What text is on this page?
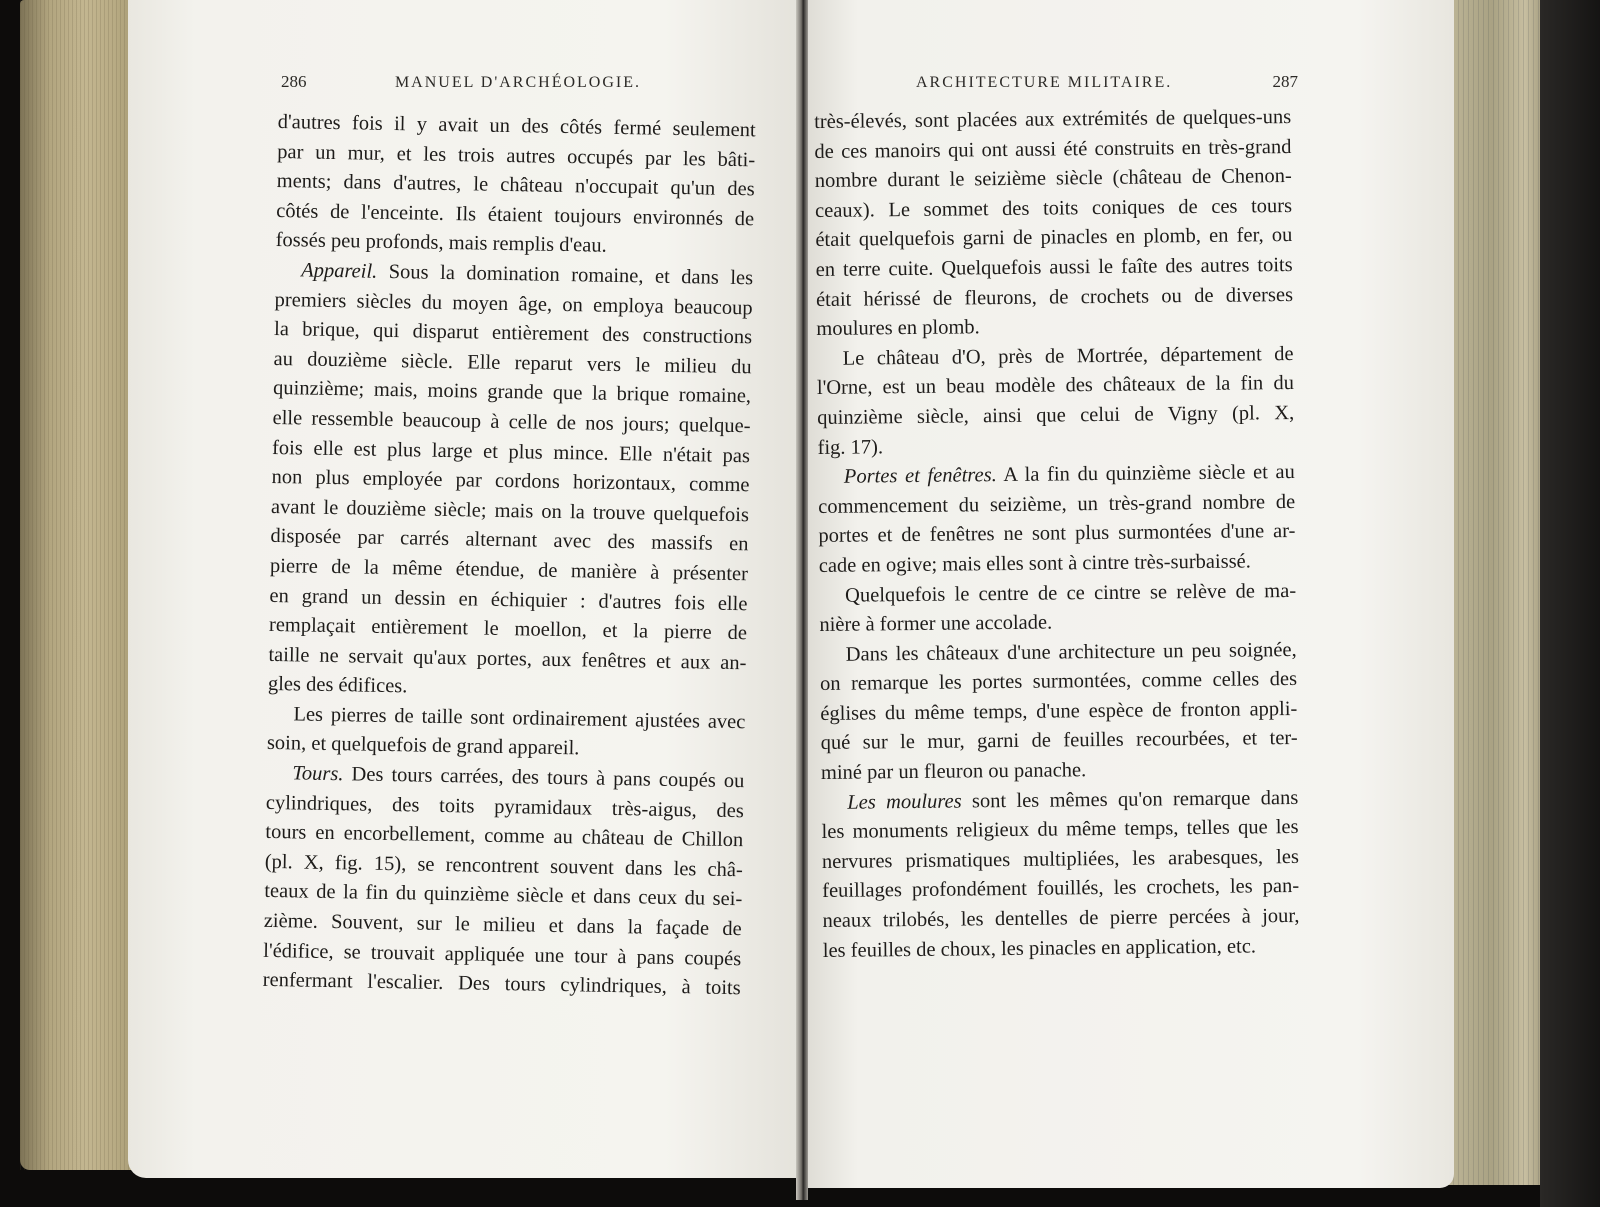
286	MANUEL D'ARCHÉOLOGIE.
d'autres fois il y avait un des côtés fermé seulement
par un mur, et les trois autres occupés par les bâti-
ments; dans d'autres, le château n'occupait qu'un des
côtés de l'enceinte. Ils étaient toujours environnés de
fossés peu profonds, mais remplis d'eau.
Appareil. Sous la domination romaine, et dans les
premiers siècles du moyen âge, on employa beaucoup
la brique, qui disparut entièrement des constructions
au douzième siècle. Elle reparut vers le milieu du
quinzième; mais, moins grande que la brique romaine,
elle ressemble beaucoup à celle de nos jours; quelque-
fois elle est plus large et plus mince. Elle n'était pas
non plus employée par cordons horizontaux, comme
avant le douzième siècle; mais on la trouve quelquefois
disposée par carrés alternant avec des massifs en
pierre de la même étendue, de manière à présenter
en grand un dessin en échiquier : d'autres fois elle
remplaçait entièrement le moellon, et la pierre de
taille ne servait qu'aux portes, aux fenêtres et aux an-
gles des édifices.
Les pierres de taille sont ordinairement ajustées avec
soin, et quelquefois de grand appareil.
Tours. Des tours carrées, des tours à pans coupés ou
cylindriques, des toits pyramidaux très-aigus, des
tours en encorbellement, comme au château de Chillon
(pl. X, fig. 15), se rencontrent souvent dans les châ-
teaux de la fin du quinzième siècle et dans ceux du sei-
zième. Souvent, sur le milieu et dans la façade de
l'édifice, se trouvait appliquée une tour à pans coupés
renfermant l'escalier. Des tours cylindriques, à toits
ARCHITECTURE MILITAIRE.	287
très-élevés, sont placées aux extrémités de quelques-uns
de ces manoirs qui ont aussi été construits en très-grand
nombre durant le seizième siècle (château de Chenon-
ceaux). Le sommet des toits coniques de ces tours
était quelquefois garni de pinacles en plomb, en fer, ou
en terre cuite. Quelquefois aussi le faîte des autres toits
était hérissé de fleurons, de crochets ou de diverses
moulures en plomb.
Le château d'O, près de Mortrée, département de
l'Orne, est un beau modèle des châteaux de la fin du
quinzième siècle, ainsi que celui de Vigny (pl. X,
fig. 17).
Portes et fenêtres. A la fin du quinzième siècle et au
commencement du seizième, un très-grand nombre de
portes et de fenêtres ne sont plus surmontées d'une ar-
cade en ogive; mais elles sont à cintre très-surbaissé.
Quelquefois le centre de ce cintre se relève de ma-
nière à former une accolade.
Dans les châteaux d'une architecture un peu soignée,
on remarque les portes surmontées, comme celles des
églises du même temps, d'une espèce de fronton appli-
qué sur le mur, garni de feuilles recourbées, et ter-
miné par un fleuron ou panache.
Les moulures sont les mêmes qu'on remarque dans
les monuments religieux du même temps, telles que les
nervures prismatiques multipliées, les arabesques, les
feuillages profondément fouillés, les crochets, les pan-
neaux trilobés, les dentelles de pierre percées à jour,
les feuilles de choux, les pinacles en application, etc.
